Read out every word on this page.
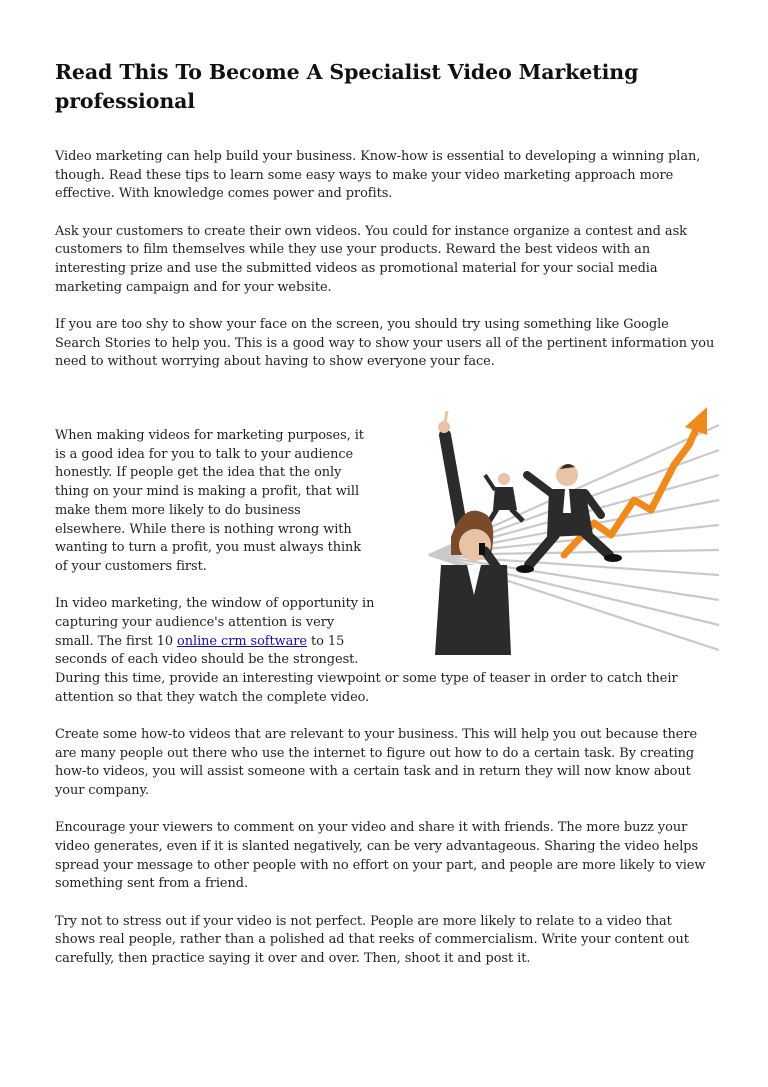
Read This To Become A Specialist Video Marketing professional

Video marketing can help build your business. Know-how is essential to developing a winning plan, though. Read these tips to learn some easy ways to make your video marketing approach more effective. With knowledge comes power and profits.

Ask your customers to create their own videos. You could for instance organize a contest and ask customers to film themselves while they use your products. Reward the best videos with an interesting prize and use the submitted videos as promotional material for your social media marketing campaign and for your website.

If you are too shy to show your face on the screen, you should try using something like Google Search Stories to help you. This is a good way to show your users all of the pertinent information you need to without worrying about having to show everyone your face.

When making videos for marketing purposes, it is a good idea for you to talk to your audience honestly. If people get the idea that the only thing on your mind is making a profit, that will make them more likely to do business elsewhere. While there is nothing wrong with wanting to turn a profit, you must always think of your customers first.

In video marketing, the window of opportunity in capturing your audience's attention is very small. The first 10 online crm software to 15 seconds of each video should be the strongest. During this time, provide an interesting viewpoint or some type of teaser in order to catch their attention so that they watch the complete video.

Create some how-to videos that are relevant to your business. This will help you out because there are many people out there who use the internet to figure out how to do a certain task. By creating how-to videos, you will assist someone with a certain task and in return they will now know about your company.

Encourage your viewers to comment on your video and share it with friends. The more buzz your video generates, even if it is slanted negatively, can be very advantageous. Sharing the video helps spread your message to other people with no effort on your part, and people are more likely to view something sent from a friend.

Try not to stress out if your video is not perfect. People are more likely to relate to a video that shows real people, rather than a polished ad that reeks of commercialism. Write your content out carefully, then practice saying it over and over. Then, shoot it and post it.
